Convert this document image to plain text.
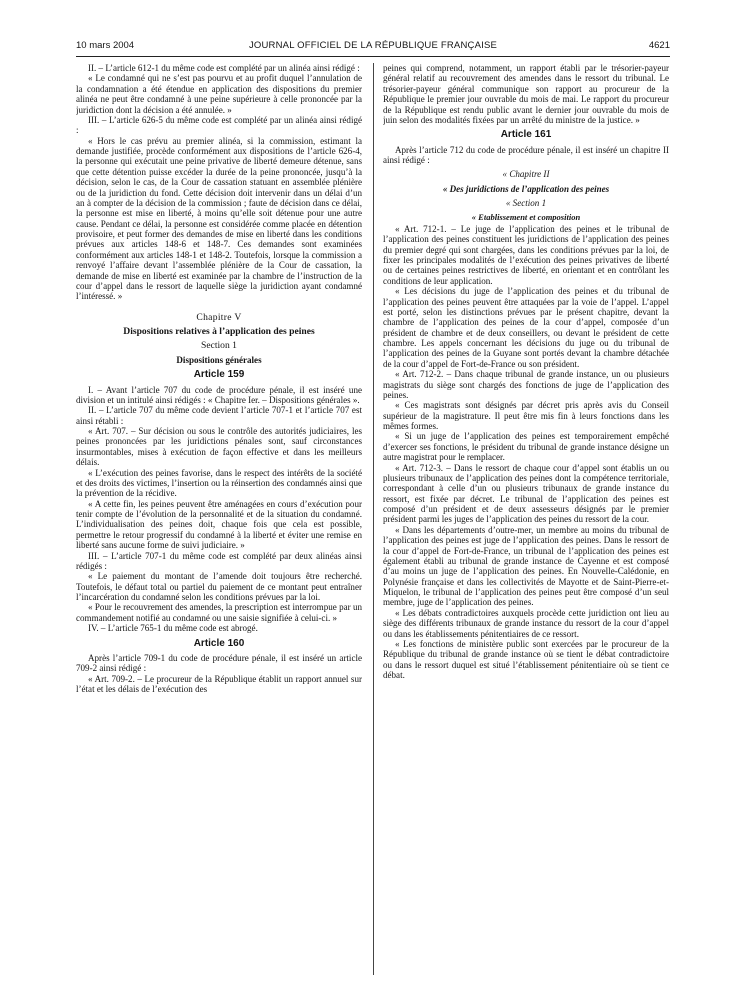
10 mars 2004	JOURNAL OFFICIEL DE LA RÉPUBLIQUE FRANÇAISE	4621

II. – L’article 612-1 du même code est complété par un alinéa ainsi rédigé :

« Le condamné qui ne s’est pas pourvu et au profit duquel l’annulation de la condamnation a été étendue en application des dispositions du premier alinéa ne peut être condamné à une peine supérieure à celle prononcée par la juridiction dont la décision a été annulée. »

III. – L’article 626-5 du même code est complété par un alinéa ainsi rédigé :

« Hors le cas prévu au premier alinéa, si la commission, estimant la demande justifiée, procède conformément aux dispositions de l’article 626-4, la personne qui exécutait une peine privative de liberté demeure détenue, sans que cette détention puisse excéder la durée de la peine prononcée, jusqu’à la décision, selon le cas, de la Cour de cassation statuant en assemblée plénière ou de la juridiction du fond. Cette décision doit intervenir dans un délai d’un an à compter de la décision de la commission ; faute de décision dans ce délai, la personne est mise en liberté, à moins qu’elle soit détenue pour une autre cause. Pendant ce délai, la personne est considérée comme placée en détention provisoire, et peut former des demandes de mise en liberté dans les conditions prévues aux articles 148-6 et 148-7. Ces demandes sont examinées conformément aux articles 148-1 et 148-2. Toutefois, lorsque la commission a renvoyé l’affaire devant l’assemblée plénière de la Cour de cassation, la demande de mise en liberté est examinée par la chambre de l’instruction de la cour d’appel dans le ressort de laquelle siège la juridiction ayant condamné l’intéressé. »

Chapitre V

Dispositions relatives à l’application des peines

Section 1

Dispositions générales

Article 159

I. – Avant l’article 707 du code de procédure pénale, il est inséré une division et un intitulé ainsi rédigés : « Chapitre Ier. – Dispositions générales ».

II. – L’article 707 du même code devient l’article 707-1 et l’article 707 est ainsi rétabli :

« Art. 707. – Sur décision ou sous le contrôle des autorités judiciaires, les peines prononcées par les juridictions pénales sont, sauf circonstances insurmontables, mises à exécution de façon effective et dans les meilleurs délais.

« L’exécution des peines favorise, dans le respect des intérêts de la société et des droits des victimes, l’insertion ou la réinsertion des condamnés ainsi que la prévention de la récidive.

« A cette fin, les peines peuvent être aménagées en cours d’exécution pour tenir compte de l’évolution de la personnalité et de la situation du condamné. L’individualisation des peines doit, chaque fois que cela est possible, permettre le retour progressif du condamné à la liberté et éviter une remise en liberté sans aucune forme de suivi judiciaire. »

III. – L’article 707-1 du même code est complété par deux alinéas ainsi rédigés :

« Le paiement du montant de l’amende doit toujours être recherché. Toutefois, le défaut total ou partiel du paiement de ce montant peut entraîner l’incarcération du condamné selon les conditions prévues par la loi.

« Pour le recouvrement des amendes, la prescription est interrompue par un commandement notifié au condamné ou une saisie signifiée à celui-ci. »

IV. – L’article 765-1 du même code est abrogé.

Article 160

Après l’article 709-1 du code de procédure pénale, il est inséré un article 709-2 ainsi rédigé :

« Art. 709-2. – Le procureur de la République établit un rapport annuel sur l’état et les délais de l’exécution des

peines qui comprend, notamment, un rapport établi par le trésorier-payeur général relatif au recouvrement des amendes dans le ressort du tribunal. Le trésorier-payeur général communique son rapport au procureur de la République le premier jour ouvrable du mois de mai. Le rapport du procureur de la République est rendu public avant le dernier jour ouvrable du mois de juin selon des modalités fixées par un arrêté du ministre de la justice. »

Article 161

Après l’article 712 du code de procédure pénale, il est inséré un chapitre II ainsi rédigé :

« Chapitre II

« Des juridictions de l’application des peines

« Section 1

« Etablissement et composition

« Art. 712-1. – Le juge de l’application des peines et le tribunal de l’application des peines constituent les juridictions de l’application des peines du premier degré qui sont chargées, dans les conditions prévues par la loi, de fixer les principales modalités de l’exécution des peines privatives de liberté ou de certaines peines restrictives de liberté, en orientant et en contrôlant les conditions de leur application.

« Les décisions du juge de l’application des peines et du tribunal de l’application des peines peuvent être attaquées par la voie de l’appel. L’appel est porté, selon les distinctions prévues par le présent chapitre, devant la chambre de l’application des peines de la cour d’appel, composée d’un président de chambre et de deux conseillers, ou devant le président de cette chambre. Les appels concernant les décisions du juge ou du tribunal de l’application des peines de la Guyane sont portés devant la chambre détachée de la cour d’appel de Fort-de-France ou son président.

« Art. 712-2. – Dans chaque tribunal de grande instance, un ou plusieurs magistrats du siège sont chargés des fonctions de juge de l’application des peines.

« Ces magistrats sont désignés par décret pris après avis du Conseil supérieur de la magistrature. Il peut être mis fin à leurs fonctions dans les mêmes formes.

« Si un juge de l’application des peines est temporairement empêché d’exercer ses fonctions, le président du tribunal de grande instance désigne un autre magistrat pour le remplacer.

« Art. 712-3. – Dans le ressort de chaque cour d’appel sont établis un ou plusieurs tribunaux de l’application des peines dont la compétence territoriale, correspondant à celle d’un ou plusieurs tribunaux de grande instance du ressort, est fixée par décret. Le tribunal de l’application des peines est composé d’un président et de deux assesseurs désignés par le premier président parmi les juges de l’application des peines du ressort de la cour.

« Dans les départements d’outre-mer, un membre au moins du tribunal de l’application des peines est juge de l’application des peines. Dans le ressort de la cour d’appel de Fort-de-France, un tribunal de l’application des peines est également établi au tribunal de grande instance de Cayenne et est composé d’au moins un juge de l’application des peines. En Nouvelle-Calédonie, en Polynésie française et dans les collectivités de Mayotte et de Saint-Pierre-et-Miquelon, le tribunal de l’application des peines peut être composé d’un seul membre, juge de l’application des peines.

« Les débats contradictoires auxquels procède cette juridiction ont lieu au siège des différents tribunaux de grande instance du ressort de la cour d’appel ou dans les établissements pénitentiaires de ce ressort.

« Les fonctions de ministère public sont exercées par le procureur de la République du tribunal de grande instance où se tient le débat contradictoire ou dans le ressort duquel est situé l’établissement pénitentiaire où se tient ce débat.
